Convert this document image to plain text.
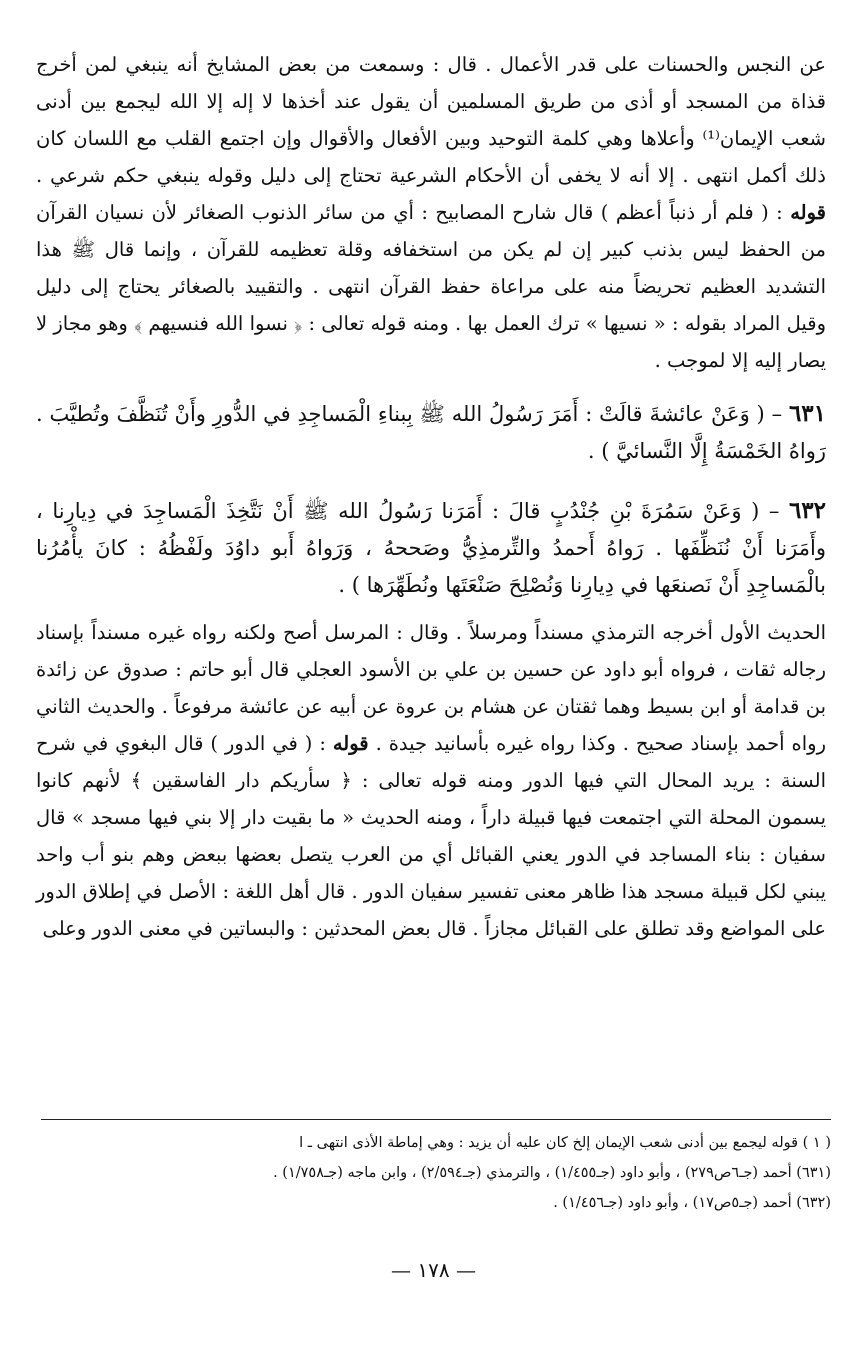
عن النجس والحسنات على قدر الأعمال . قال : وسمعت من بعض المشايخ أنه ينبغي لمن أخرج قذاة من المسجد أو أذى من طريق المسلمين أن يقول عند أخذها لا إله إلا الله ليجمع بين أدنى شعب الإيمان⁽¹⁾ وأعلاها وهي كلمة التوحيد وبين الأفعال والأقوال وإن اجتمع القلب مع اللسان كان ذلك أكمل انتهى . إلا أنه لا يخفى أن الأحكام الشرعية تحتاج إلى دليل وقوله ينبغي حكم شرعي . قوله : ( فلم أر ذنباً أعظم ) قال شارح المصابيح : أي من سائر الذنوب الصغائر لأن نسيان القرآن من الحفظ ليس بذنب كبير إن لم يكن من استخفافه وقلة تعظيمه للقرآن ، وإنما قال ﷺ هذا التشديد العظيم تحريضاً منه على مراعاة حفظ القرآن انتهى . والتقييد بالصغائر يحتاج إلى دليل وقيل المراد بقوله : « نسيها » ترك العمل بها . ومنه قوله تعالى : ﴿ نسوا الله فنسيهم ﴾ وهو مجاز لا يصار إليه إلا لموجب .

٦٣١ – ( وَعَنْ عائشةَ قالَتْ : أَمَرَ رَسُولُ الله ﷺ بِبناءِ الْمَساجِدِ في الدُّورِ وأَنْ تُنَظَّفَ وتُطيَّبَ . رَواهُ الخَمْسَةُ إِلَّا النَّسائيَّ ) .

٦٣٢ – ( وَعَنْ سَمُرَةَ بْنِ جُنْدُبٍ قالَ : أَمَرَنا رَسُولُ الله ﷺ أَنْ نَتَّخِذَ الْمَساجِدَ في دِيارِنا ، وأَمَرَنا أَنْ نُنَظِّفَها . رَواهُ أَحمدُ والتِّرمذِيُّ وصَححهُ ، وَرَواهُ أَبو داوُدَ ولَفْظُهُ : كانَ يأْمُرُنا بالْمَساجِدِ أَنْ نَصنعَها في دِيارِنا وَنُصْلِحَ صَنْعَتَها ونُطَهِّرَها ) .

الحديث الأول أخرجه الترمذي مسنداً ومرسلاً . وقال : المرسل أصح ولكنه رواه غيره مسنداً بإسناد رجاله ثقات ، فرواه أبو داود عن حسين بن علي بن الأسود العجلي قال أبو حاتم : صدوق عن زائدة بن قدامة أو ابن بسيط وهما ثقتان عن هشام بن عروة عن أبيه عن عائشة مرفوعاً . والحديث الثاني رواه أحمد بإسناد صحيح . وكذا رواه غيره بأسانيد جيدة . قوله : ( في الدور ) قال البغوي في شرح السنة : يريد المحال التي فيها الدور ومنه قوله تعالى : ﴿ سأريكم دار الفاسقين ﴾ لأنهم كانوا يسمون المحلة التي اجتمعت فيها قبيلة داراً ، ومنه الحديث « ما بقيت دار إلا بني فيها مسجد » قال سفيان : بناء المساجد في الدور يعني القبائل أي من العرب يتصل بعضها ببعض وهم بنو أب واحد يبني لكل قبيلة مسجد هذا ظاهر معنى تفسير سفيان الدور . قال أهل اللغة : الأصل في إطلاق الدور على المواضع وقد تطلق على القبائل مجازاً . قال بعض المحدثين : والبساتين في معنى الدور وعلى

( ١ ) قوله ليجمع بين أدنى شعب الإيمان إلخ كان عليه أن يزيد : وهي إماطة الأذى انتهى ـ ا

(٦٣١) أحمد (جـ٦ص٢٧٩) ، وأبو داود (جـ١/٤٥٥) ، والترمذي (جـ٢/٥٩٤) ، وابن ماجه (جـ١/٧٥٨) .

(٦٣٢) أحمد (جـ٥ص١٧) ، وأبو داود (جـ١/٤٥٦) .

— ١٧٨ —
